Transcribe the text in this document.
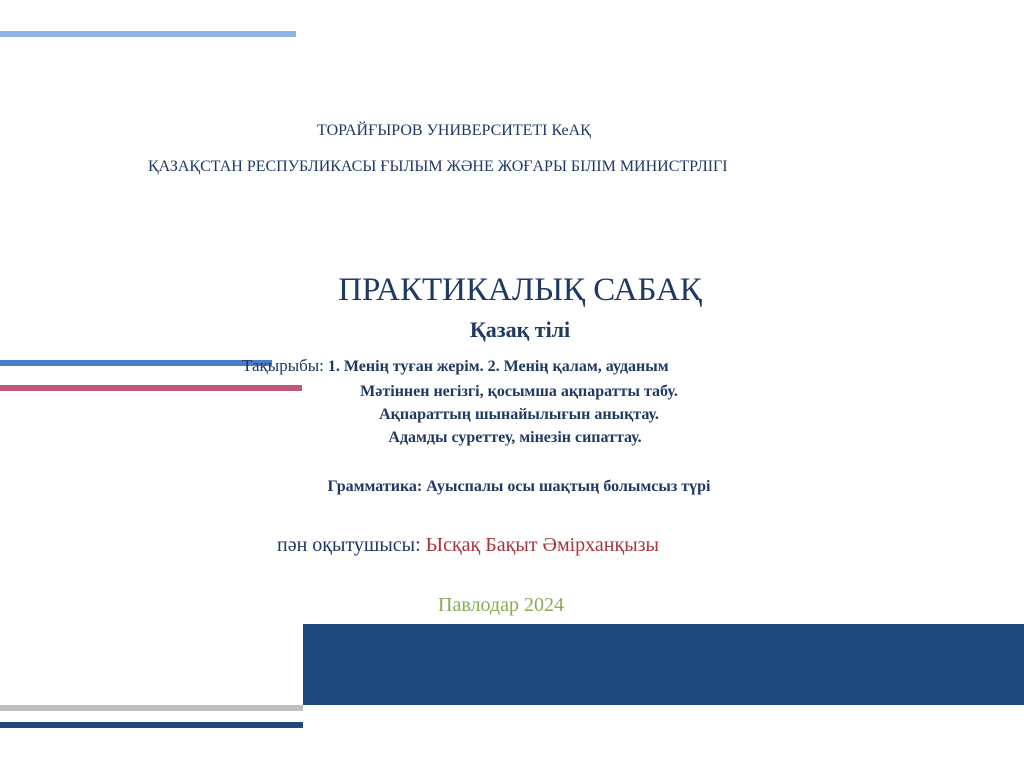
ТОРАЙҒЫРОВ УНИВЕРСИТЕТІ КеАҚ
ҚАЗАҚСТАН РЕСПУБЛИКАСЫ ҒЫЛЫМ ЖӘНЕ ЖОҒАРЫ БІЛІМ МИНИСТРЛІГІ
ПРАКТИКАЛЫҚ САБАҚ
Қазақ тілі
Тақырыбы: 1. Менің туған жерім. 2. Менің қалам, ауданым
Мәтіннен негізгі, қосымша ақпаратты табу.
Ақпараттың шынайылығын анықтау.
Адамды суреттеу, мінезін сипаттау.
Грамматика: Ауыспалы осы шақтың болымсыз түрі
пән оқытушысы: Ысқақ Бақыт Әмірханқызы
Павлодар 2024
